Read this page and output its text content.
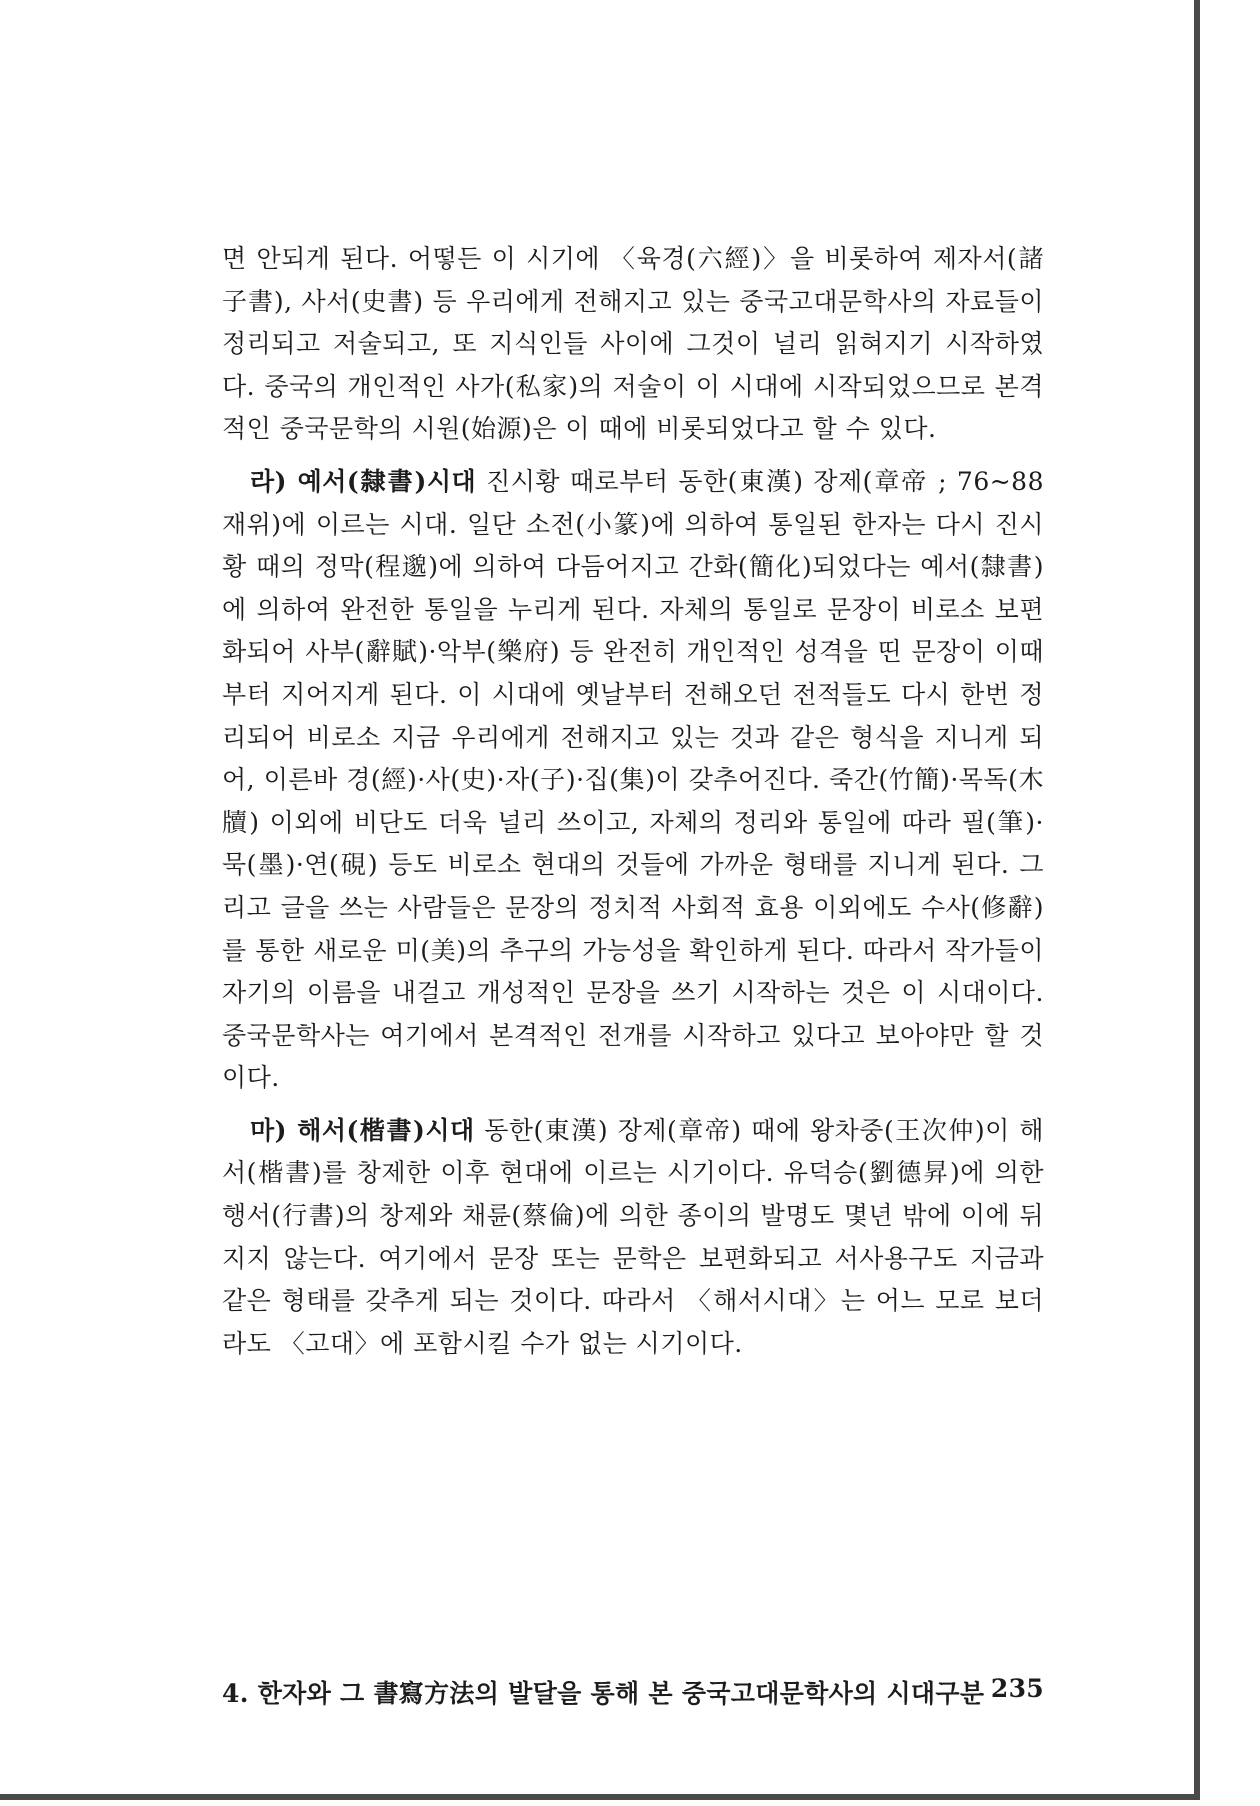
면 안되게 된다. 어떻든 이 시기에 〈육경(六經)〉을 비롯하여 제자서(諸子書), 사서(史書) 등 우리에게 전해지고 있는 중국고대문학사의 자료들이 정리되고 저술되고, 또 지식인들 사이에 그것이 널리 읽혀지기 시작하였다. 중국의 개인적인 사가(私家)의 저술이 이 시대에 시작되었으므로 본격적인 중국문학의 시원(始源)은 이 때에 비롯되었다고 할 수 있다.

라) 예서(隸書)시대 진시황 때로부터 동한(東漢) 장제(章帝 ; 76~88 재위)에 이르는 시대. 일단 소전(小篆)에 의하여 통일된 한자는 다시 진시황 때의 정막(程邈)에 의하여 다듬어지고 간화(簡化)되었다는 예서(隸書)에 의하여 완전한 통일을 누리게 된다. 자체의 통일로 문장이 비로소 보편화되어 사부(辭賦)·악부(樂府) 등 완전히 개인적인 성격을 띤 문장이 이때부터 지어지게 된다. 이 시대에 옛날부터 전해오던 전적들도 다시 한번 정리되어 비로소 지금 우리에게 전해지고 있는 것과 같은 형식을 지니게 되어, 이른바 경(經)·사(史)·자(子)·집(集)이 갖추어진다. 죽간(竹簡)·목독(木牘) 이외에 비단도 더욱 널리 쓰이고, 자체의 정리와 통일에 따라 필(筆)·묵(墨)·연(硯) 등도 비로소 현대의 것들에 가까운 형태를 지니게 된다. 그리고 글을 쓰는 사람들은 문장의 정치적 사회적 효용 이외에도 수사(修辭)를 통한 새로운 미(美)의 추구의 가능성을 확인하게 된다. 따라서 작가들이 자기의 이름을 내걸고 개성적인 문장을 쓰기 시작하는 것은 이 시대이다. 중국문학사는 여기에서 본격적인 전개를 시작하고 있다고 보아야만 할 것이다.

마) 해서(楷書)시대 동한(東漢) 장제(章帝) 때에 왕차중(王次仲)이 해서(楷書)를 창제한 이후 현대에 이르는 시기이다. 유덕승(劉德昇)에 의한 행서(行書)의 창제와 채륜(蔡倫)에 의한 종이의 발명도 몇년 밖에 이에 뒤지지 않는다. 여기에서 문장 또는 문학은 보편화되고 서사용구도 지금과 같은 형태를 갖추게 되는 것이다. 따라서 〈해서시대〉는 어느 모로 보더라도 〈고대〉에 포함시킬 수가 없는 시기이다.

4. 한자와 그 書寫方法의 발달을 통해 본 중국고대문학사의 시대구분 235
